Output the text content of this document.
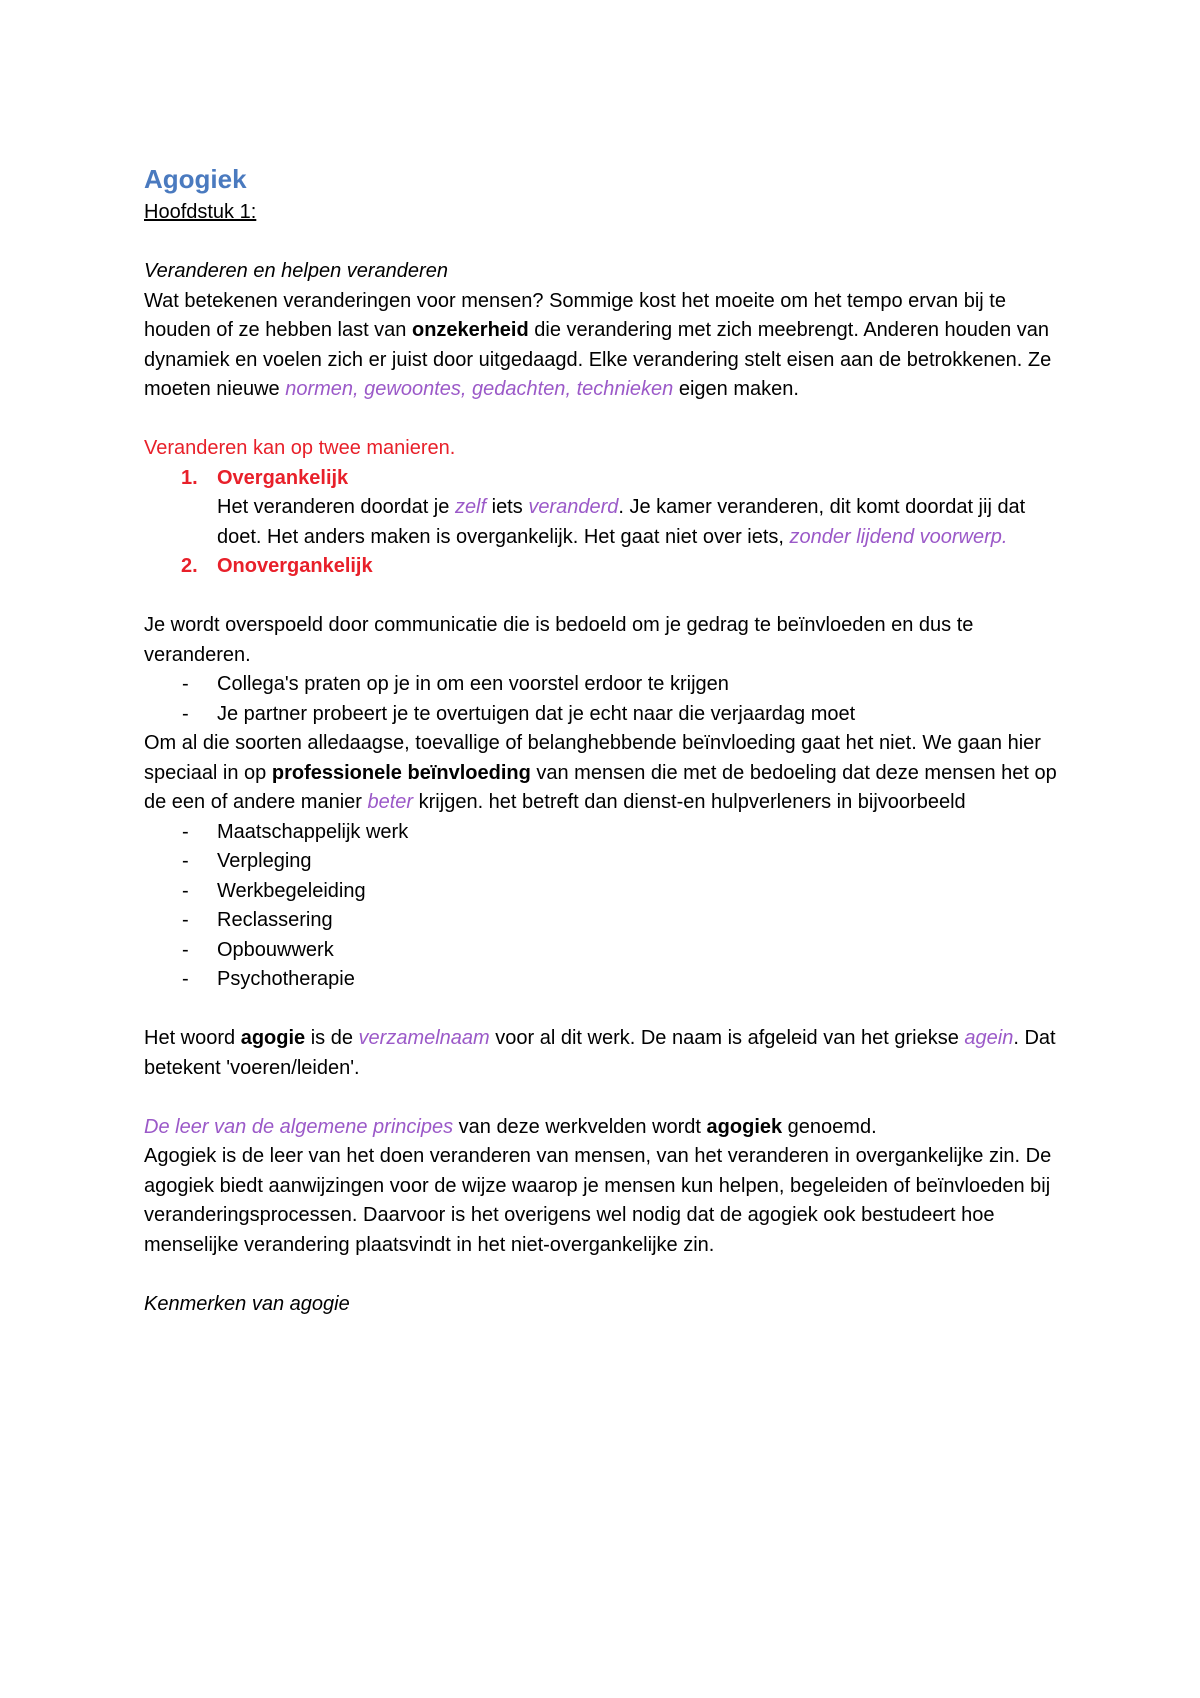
Agogiek

Hoofdstuk 1:

Veranderen en helpen veranderen

Wat betekenen veranderingen voor mensen? Sommige kost het moeite om het tempo ervan bij te houden of ze hebben last van onzekerheid die verandering met zich meebrengt. Anderen houden van dynamiek en voelen zich er juist door uitgedaagd. Elke verandering stelt eisen aan de betrokkenen. Ze moeten nieuwe normen, gewoontes, gedachten, technieken eigen maken.

Veranderen kan op twee manieren.

1. Overgankelijk
Het veranderen doordat je zelf iets veranderd. Je kamer veranderen, dit komt doordat jij dat doet. Het anders maken is overgankelijk. Het gaat niet over iets, zonder lijdend voorwerp.
2. Onovergankelijk

Je wordt overspoeld door communicatie die is bedoeld om je gedrag te beïnvloeden en dus te veranderen.

- Collega's praten op je in om een voorstel erdoor te krijgen
- Je partner probeert je te overtuigen dat je echt naar die verjaardag moet

Om al die soorten alledaagse, toevallige of belanghebbende beïnvloeding gaat het niet. We gaan hier speciaal in op professionele beïnvloeding van mensen die met de bedoeling dat deze mensen het op de een of andere manier beter krijgen. het betreft dan dienst-en hulpverleners in bijvoorbeeld

- Maatschappelijk werk
- Verpleging
- Werkbegeleiding
- Reclassering
- Opbouwwerk
- Psychotherapie

Het woord agogie is de verzamelnaam voor al dit werk. De naam is afgeleid van het griekse agein. Dat betekent 'voeren/leiden'.

De leer van de algemene principes van deze werkvelden wordt agogiek genoemd.

Agogiek is de leer van het doen veranderen van mensen, van het veranderen in overgankelijke zin. De agogiek biedt aanwijzingen voor de wijze waarop je mensen kun helpen, begeleiden of beïnvloeden bij veranderingsprocessen. Daarvoor is het overigens wel nodig dat de agogiek ook bestudeert hoe menselijke verandering plaatsvindt in het niet-overgankelijke zin.

Kenmerken van agogie
